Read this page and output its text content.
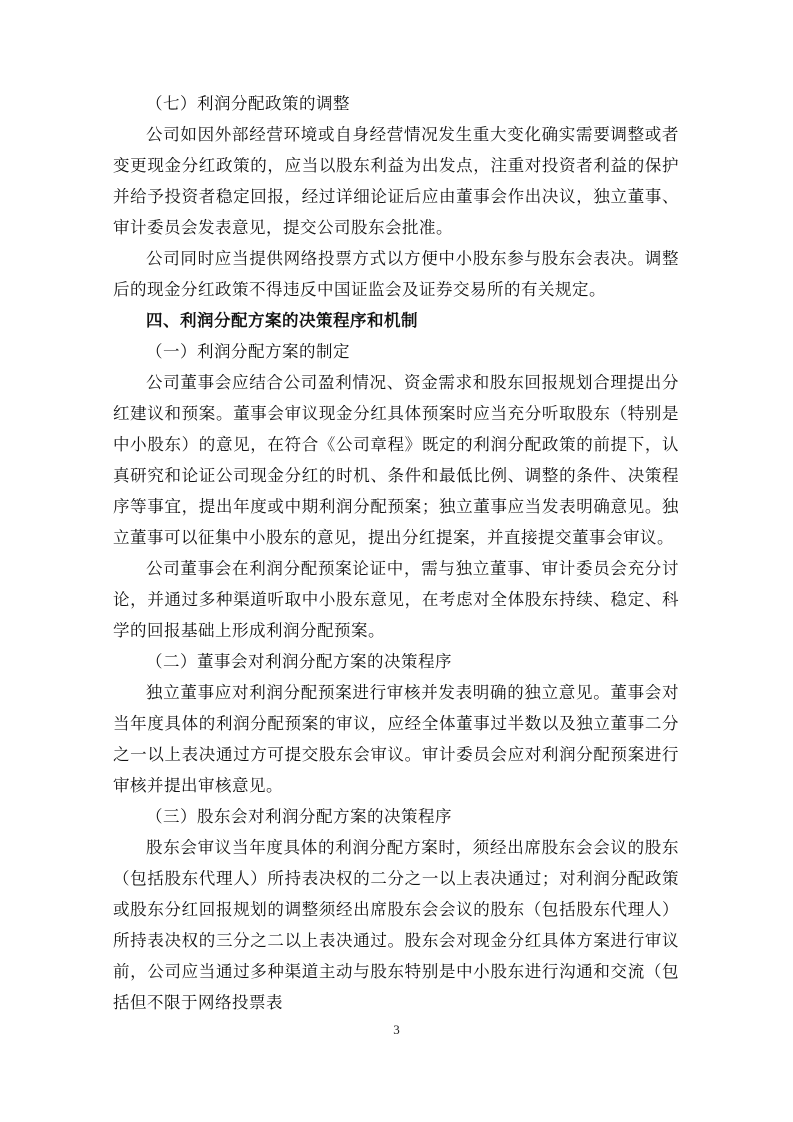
（七）利润分配政策的调整

公司如因外部经营环境或自身经营情况发生重大变化确实需要调整或者变更现金分红政策的，应当以股东利益为出发点，注重对投资者利益的保护并给予投资者稳定回报，经过详细论证后应由董事会作出决议，独立董事、审计委员会发表意见，提交公司股东会批准。

公司同时应当提供网络投票方式以方便中小股东参与股东会表决。调整后的现金分红政策不得违反中国证监会及证券交易所的有关规定。

四、利润分配方案的决策程序和机制

（一）利润分配方案的制定

公司董事会应结合公司盈利情况、资金需求和股东回报规划合理提出分红建议和预案。董事会审议现金分红具体预案时应当充分听取股东（特别是中小股东）的意见，在符合《公司章程》既定的利润分配政策的前提下，认真研究和论证公司现金分红的时机、条件和最低比例、调整的条件、决策程序等事宜，提出年度或中期利润分配预案；独立董事应当发表明确意见。独立董事可以征集中小股东的意见，提出分红提案，并直接提交董事会审议。

公司董事会在利润分配预案论证中，需与独立董事、审计委员会充分讨论，并通过多种渠道听取中小股东意见，在考虑对全体股东持续、稳定、科学的回报基础上形成利润分配预案。

（二）董事会对利润分配方案的决策程序

独立董事应对利润分配预案进行审核并发表明确的独立意见。董事会对当年度具体的利润分配预案的审议，应经全体董事过半数以及独立董事二分之一以上表决通过方可提交股东会审议。审计委员会应对利润分配预案进行审核并提出审核意见。

（三）股东会对利润分配方案的决策程序

股东会审议当年度具体的利润分配方案时，须经出席股东会会议的股东（包括股东代理人）所持表决权的二分之一以上表决通过；对利润分配政策或股东分红回报规划的调整须经出席股东会会议的股东（包括股东代理人）所持表决权的三分之二以上表决通过。股东会对现金分红具体方案进行审议前，公司应当通过多种渠道主动与股东特别是中小股东进行沟通和交流（包括但不限于网络投票表

3
